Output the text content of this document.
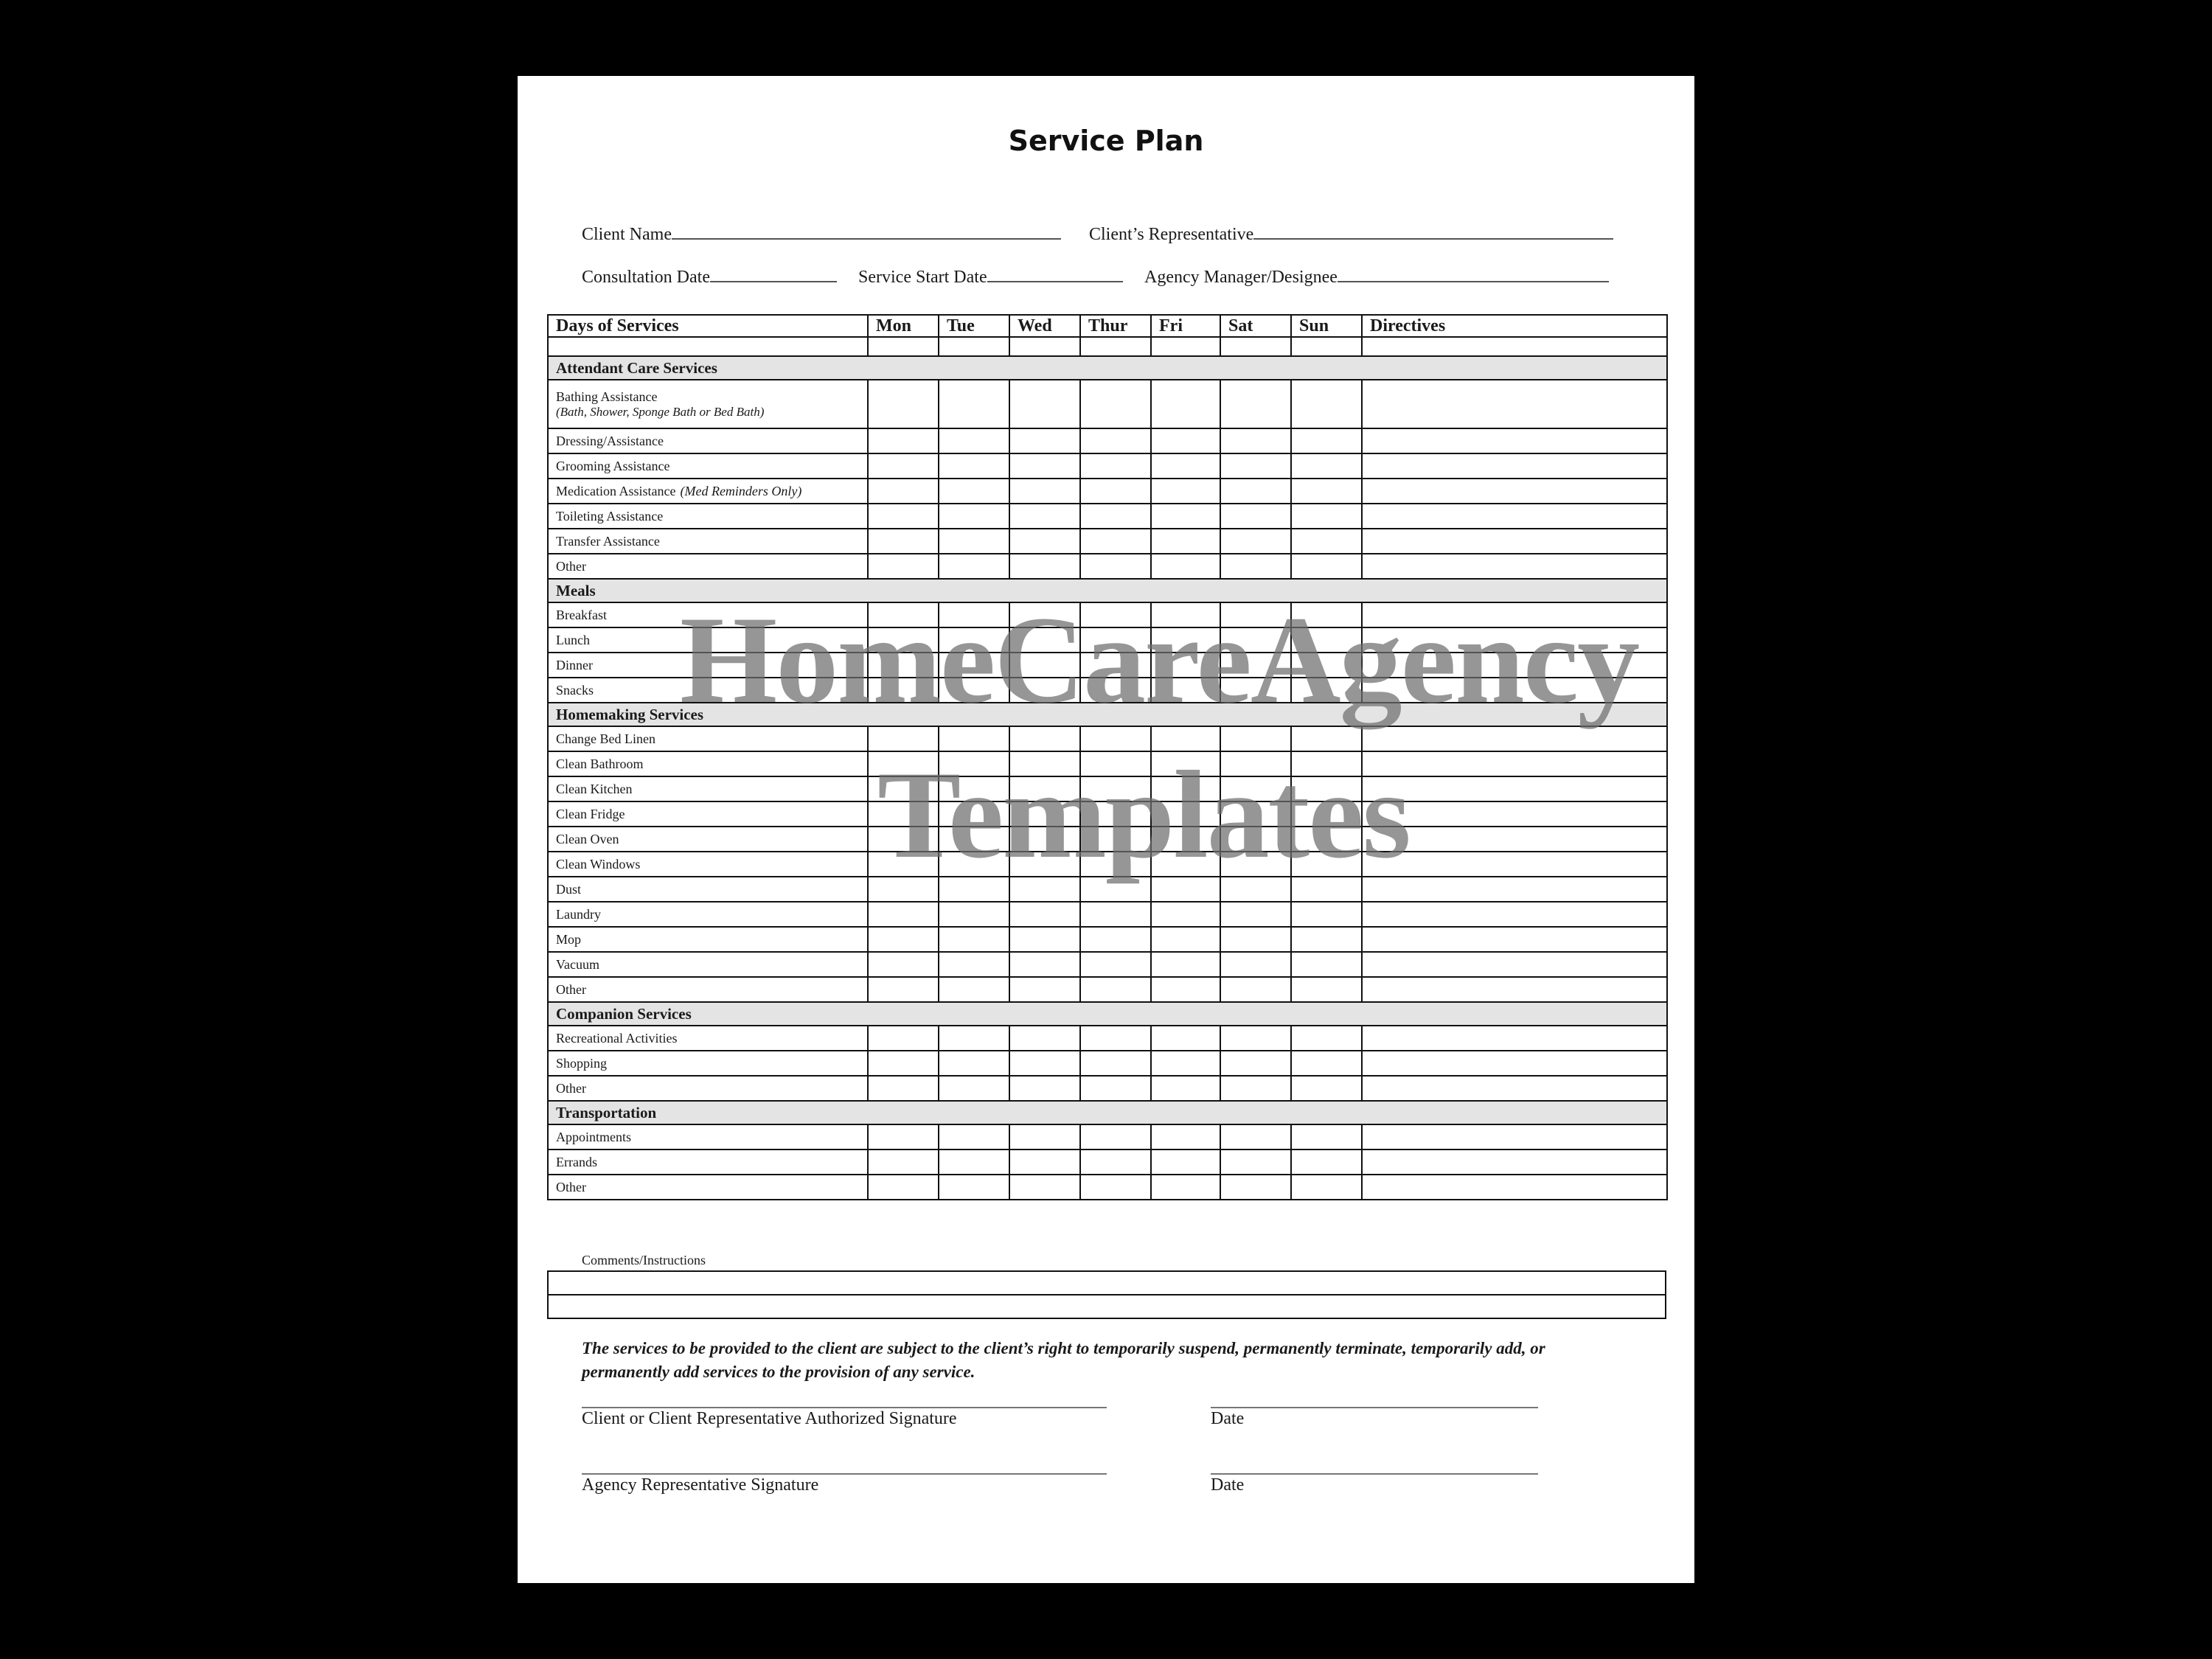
Service Plan
Client Name	Client’s Representative
Consultation Date	Service Start Date	Agency Manager/Designee
Days of Services	Mon	Tue	Wed	Thur	Fri	Sat	Sun	Directives

Attendant Care Services								

Bathing Assistance
(Bath, Shower, Sponge Bath or Bed Bath)								

Dressing/Assistance								
Grooming Assistance								
Medication Assistance (Med Reminders Only)								
Toileting Assistance								
Transfer Assistance								
Other								
Meals								
Breakfast								
Lunch								
Dinner								
Snacks								
Homemaking Services								
Change Bed Linen								
Clean Bathroom								
Clean Kitchen								
Clean Fridge								
Clean Oven								
Clean Windows								
Dust								
Laundry								
Mop								
Vacuum								
Other								
Companion Services								
Recreational Activities								
Shopping								
Other								
Transportation								
Appointments								
Errands								
Other								
Comments/Instructions

The services to be provided to the client are subject to the client’s right to temporarily suspend, permanently terminate, temporarily add, or permanently add services to the provision of any service.
Client or Client Representative Authorized Signature	Date
Agency Representative Signature	Date
HomeCareAgency
Templates
